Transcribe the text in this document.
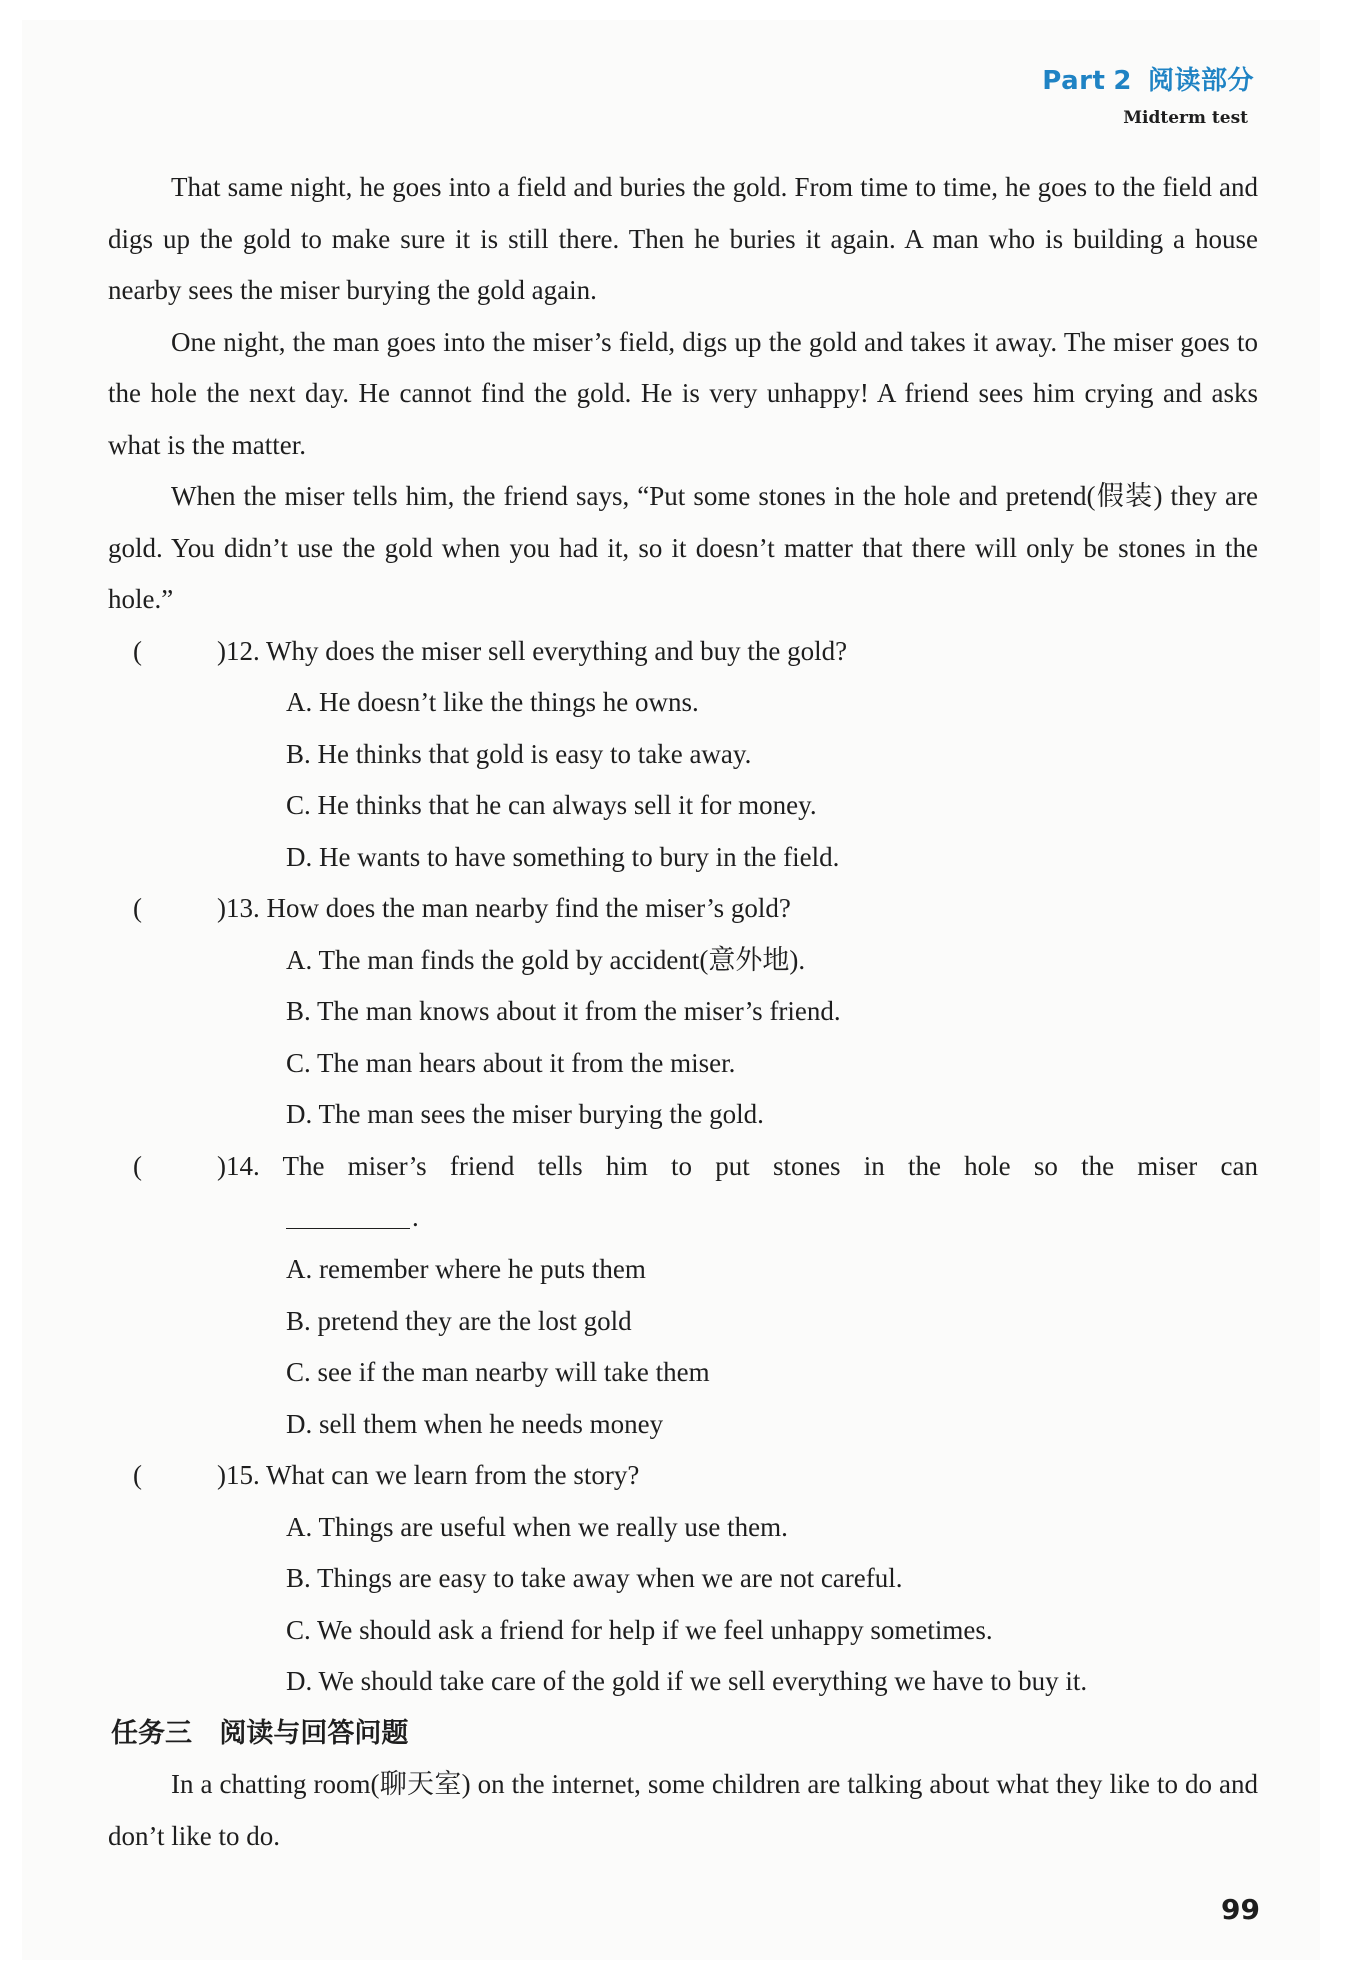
Part 2 阅读部分
Midterm test

That same night, he goes into a field and buries the gold. From time to time, he goes to the field and digs up the gold to make sure it is still there. Then he buries it again. A man who is building a house nearby sees the miser burying the gold again.

One night, the man goes into the miser’s field, digs up the gold and takes it away. The miser goes to the hole the next day. He cannot find the gold. He is very unhappy! A friend sees him crying and asks what is the matter.

When the miser tells him, the friend says, “Put some stones in the hole and pretend(假装) they are gold. You didn’t use the gold when you had it, so it doesn’t matter that there will only be stones in the hole.”

(	)12. Why does the miser sell everything and buy the gold?
A. He doesn’t like the things he owns.
B. He thinks that gold is easy to take away.
C. He thinks that he can always sell it for money.
D. He wants to have something to bury in the field.
(	)13. How does the man nearby find the miser’s gold?
A. The man finds the gold by accident(意外地).
B. The man knows about it from the miser’s friend.
C. The man hears about it from the miser.
D. The man sees the miser burying the gold.
(	)14. The miser’s friend tells him to put stones in the hole so the miser can
.
A. remember where he puts them
B. pretend they are the lost gold
C. see if the man nearby will take them
D. sell them when he needs money
(	)15. What can we learn from the story?
A. Things are useful when we really use them.
B. Things are easy to take away when we are not careful.
C. We should ask a friend for help if we feel unhappy sometimes.
D. We should take care of the gold if we sell everything we have to buy it.

任务三 阅读与回答问题

In a chatting room(聊天室) on the internet, some children are talking about what they like to do and don’t like to do.

99
